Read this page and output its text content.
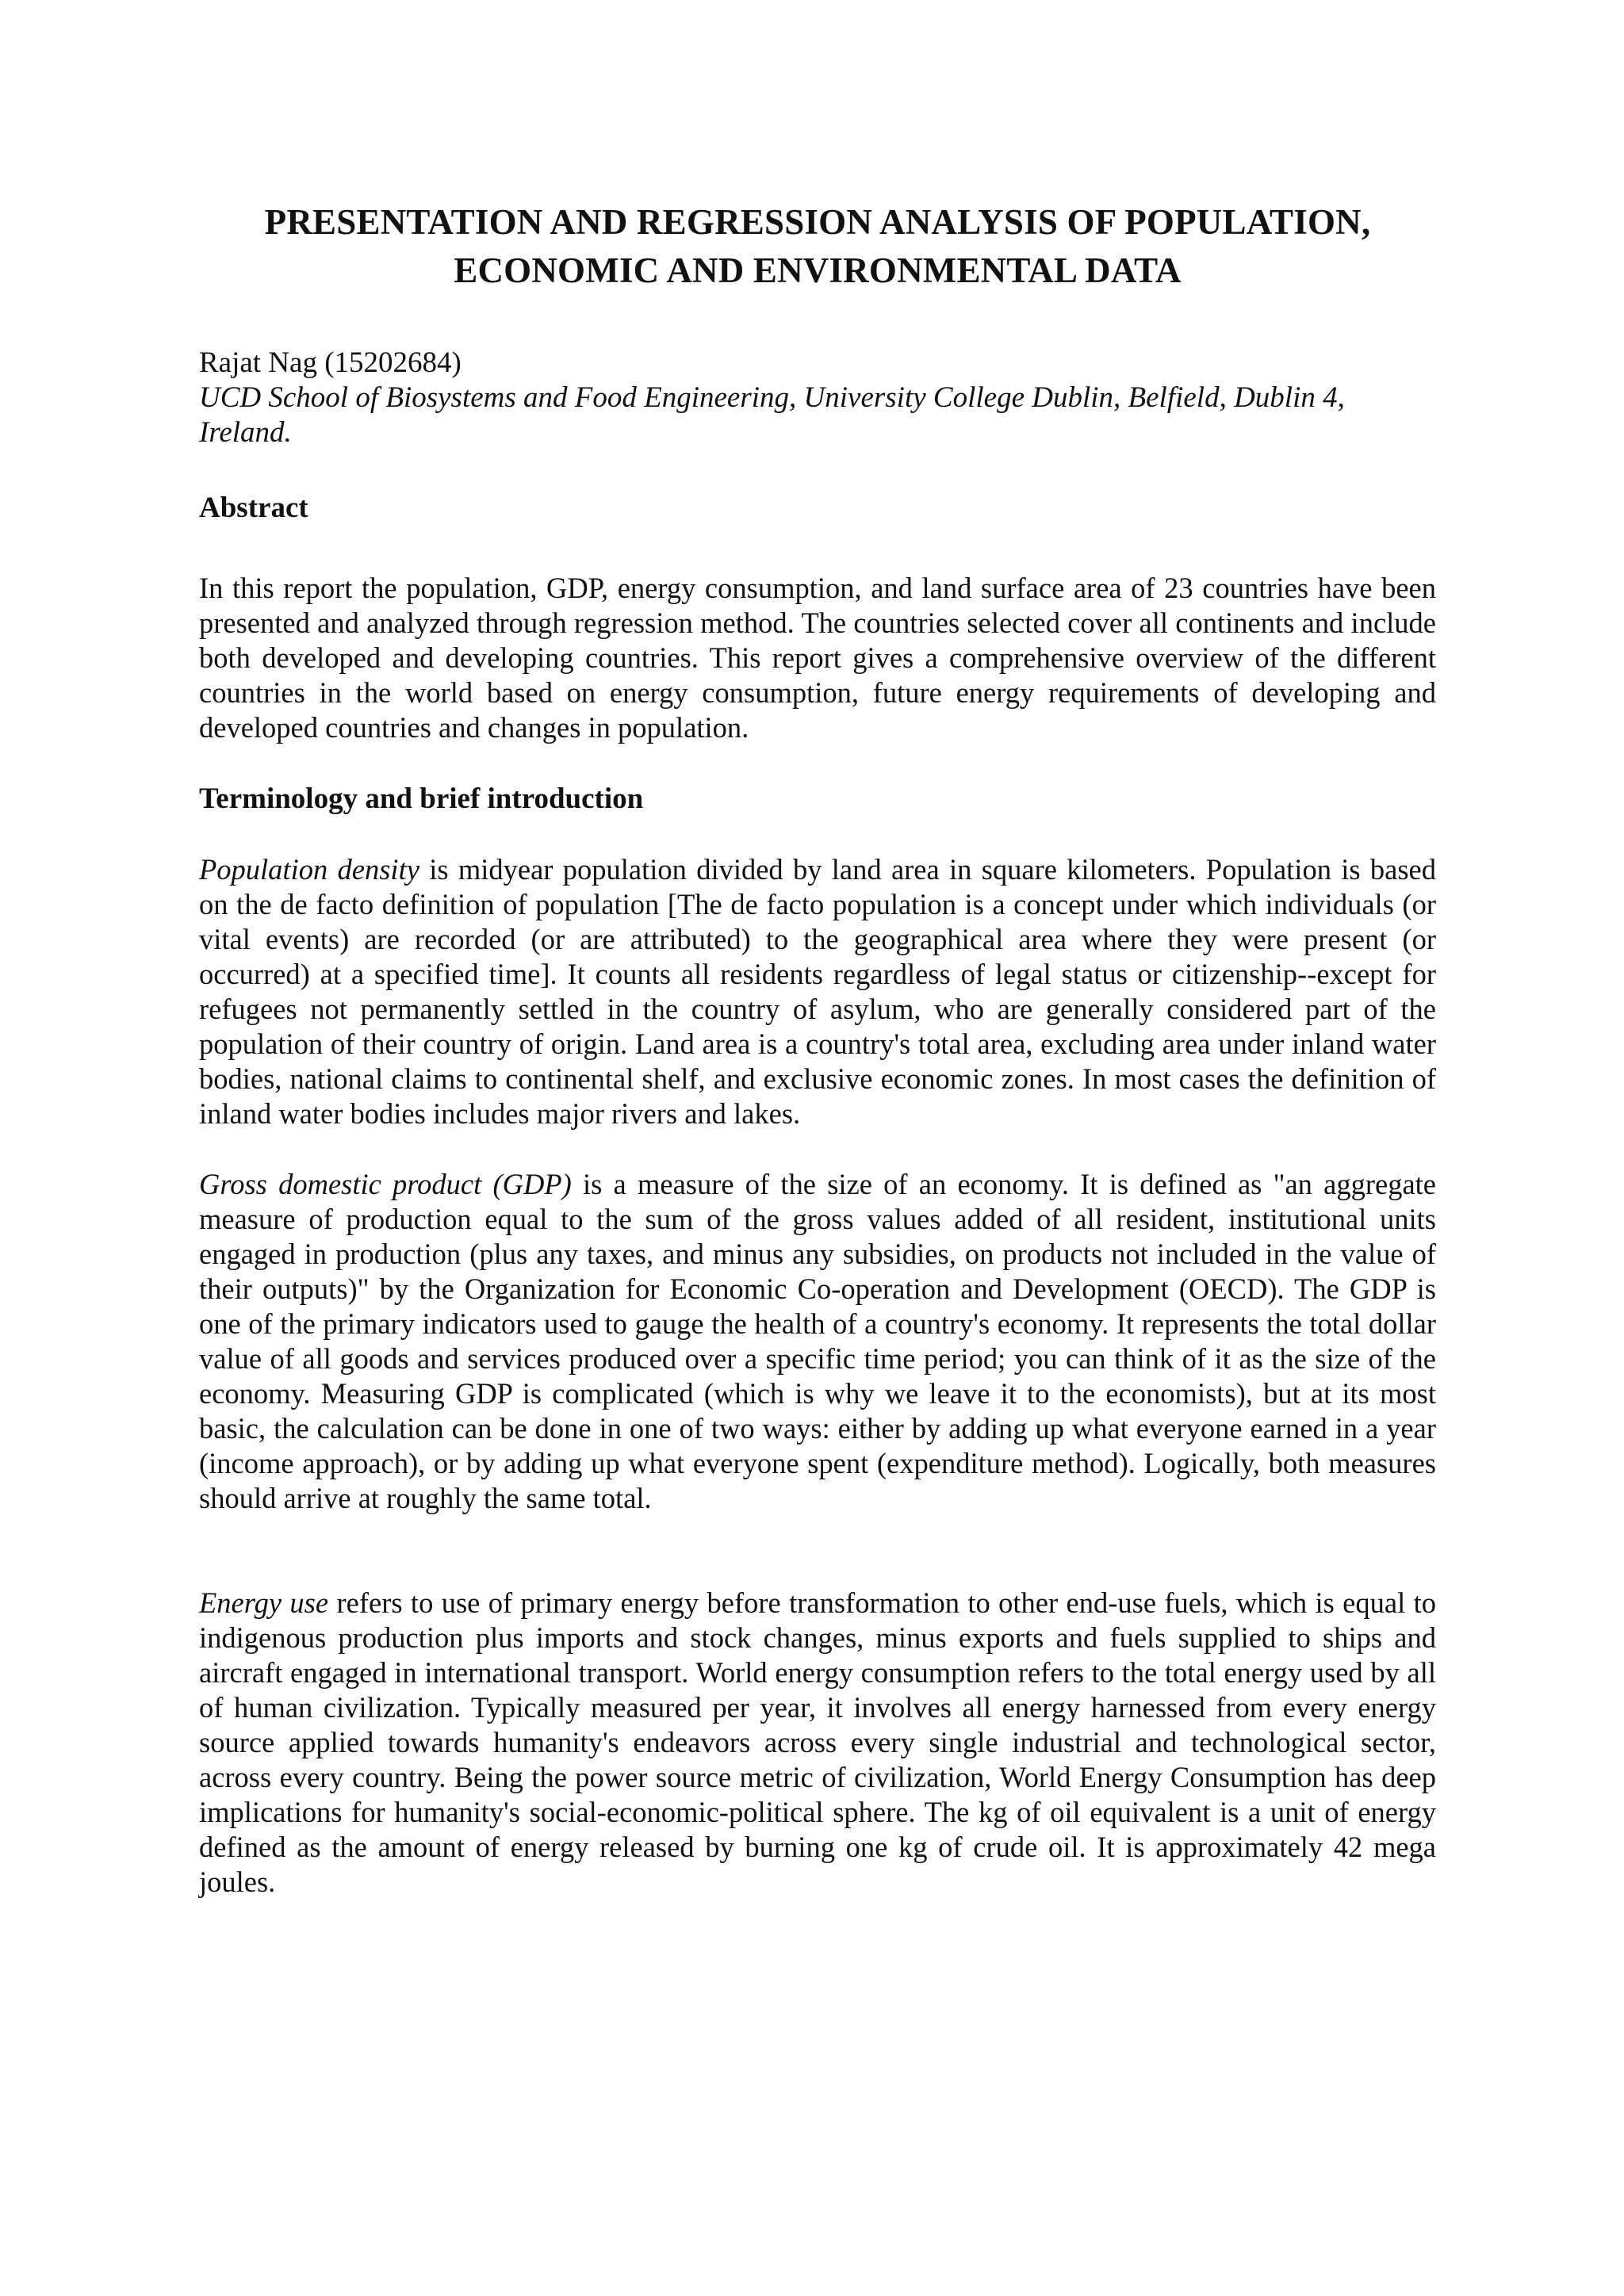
PRESENTATION AND REGRESSION ANALYSIS OF POPULATION,
ECONOMIC AND ENVIRONMENTAL DATA
Rajat Nag (15202684)
UCD School of Biosystems and Food Engineering, University College Dublin, Belfield, Dublin 4, Ireland.
Abstract

In this report the population, GDP, energy consumption, and land surface area of 23 countries have been presented and analyzed through regression method. The countries selected cover all continents and include both developed and developing countries. This report gives a comprehensive overview of the different countries in the world based on energy consumption, future energy requirements of developing and developed countries and changes in population.

Terminology and brief introduction

Population density is midyear population divided by land area in square kilometers. Population is based on the de facto definition of population [The de facto population is a concept under which individuals (or vital events) are recorded (or are attributed) to the geographical area where they were present (or occurred) at a specified time]. It counts all residents regardless of legal status or citizenship--except for refugees not permanently settled in the country of asylum, who are generally considered part of the population of their country of origin. Land area is a country's total area, excluding area under inland water bodies, national claims to continental shelf, and exclusive economic zones. In most cases the definition of inland water bodies includes major rivers and lakes.

Gross domestic product (GDP) is a measure of the size of an economy. It is defined as "an aggregate measure of production equal to the sum of the gross values added of all resident, institutional units engaged in production (plus any taxes, and minus any subsidies, on products not included in the value of their outputs)" by the Organization for Economic Co-operation and Development (OECD). The GDP is one of the primary indicators used to gauge the health of a country's economy. It represents the total dollar value of all goods and services produced over a specific time period; you can think of it as the size of the economy. Measuring GDP is complicated (which is why we leave it to the economists), but at its most basic, the calculation can be done in one of two ways: either by adding up what everyone earned in a year (income approach), or by adding up what everyone spent (expenditure method). Logically, both measures should arrive at roughly the same total.

Energy use refers to use of primary energy before transformation to other end-use fuels, which is equal to indigenous production plus imports and stock changes, minus exports and fuels supplied to ships and aircraft engaged in international transport. World energy consumption refers to the total energy used by all of human civilization. Typically measured per year, it involves all energy harnessed from every energy source applied towards humanity's endeavors across every single industrial and technological sector, across every country. Being the power source metric of civilization, World Energy Consumption has deep implications for humanity's social-economic-political sphere. The kg of oil equivalent is a unit of energy defined as the amount of energy released by burning one kg of crude oil. It is approximately 42 mega joules.
